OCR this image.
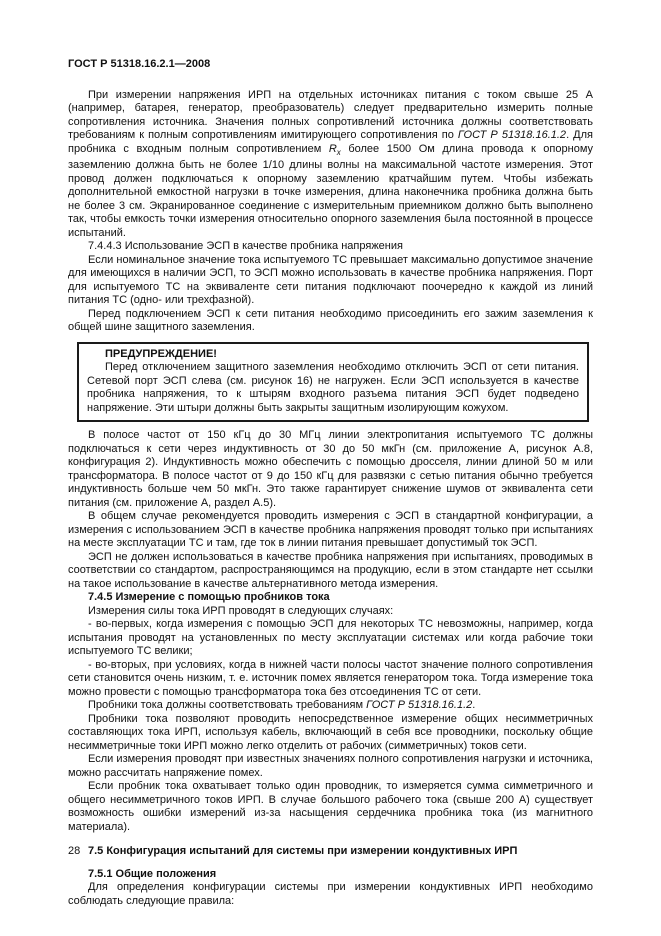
ГОСТ Р 51318.16.2.1—2008

При измерении напряжения ИРП на отдельных источниках питания с током свыше 25 А (например, батарея, генератор, преобразователь) следует предварительно измерить полные сопротивления источника. Значения полных сопротивлений источника должны соответствовать требованиям к полным сопротивлениям имитирующего сопротивления по ГОСТ Р 51318.16.1.2. Для пробника с входным полным сопротивлением $R_x$ более 1500 Ом длина провода к опорному заземлению должна быть не более 1/10 длины волны на максимальной частоте измерения. Этот провод должен подключаться к опорному заземлению кратчайшим путем. Чтобы избежать дополнительной емкостной нагрузки в точке измерения, длина наконечника пробника должна быть не более 3 см. Экранированное соединение с измерительным приемником должно быть выполнено так, чтобы емкость точки измерения относительно опорного заземления была постоянной в процессе испытаний.

7.4.4.3 Использование ЭСП в качестве пробника напряжения

Если номинальное значение тока испытуемого ТС превышает максимально допустимое значение для имеющихся в наличии ЭСП, то ЭСП можно использовать в качестве пробника напряжения. Порт для испытуемого ТС на эквиваленте сети питания подключают поочередно к каждой из линий питания ТС (одно- или трехфазной).

Перед подключением ЭСП к сети питания необходимо присоединить его зажим заземления к общей шине защитного заземления.

ПРЕДУПРЕЖДЕНИЕ!

Перед отключением защитного заземления необходимо отключить ЭСП от сети питания. Сетевой порт ЭСП слева (см. рисунок 16) не нагружен. Если ЭСП используется в качестве пробника напряжения, то к штырям входного разъема питания ЭСП будет подведено напряжение. Эти штыри должны быть закрыты защитным изолирующим кожухом.

В полосе частот от 150 кГц до 30 МГц линии электропитания испытуемого ТС должны подключаться к сети через индуктивность от 30 до 50 мкГн (см. приложение А, рисунок А.8, конфигурация 2). Индуктивность можно обеспечить с помощью дросселя, линии длиной 50 м или трансформатора. В полосе частот от 9 до 150 кГц для развязки с сетью питания обычно требуется индуктивность больше чем 50 мкГн. Это также гарантирует снижение шумов от эквивалента сети питания (см. приложение А, раздел А.5).

В общем случае рекомендуется проводить измерения с ЭСП в стандартной конфигурации, а измерения с использованием ЭСП в качестве пробника напряжения проводят только при испытаниях на месте эксплуатации ТС и там, где ток в линии питания превышает допустимый ток ЭСП.

ЭСП не должен использоваться в качестве пробника напряжения при испытаниях, проводимых в соответствии со стандартом, распространяющимся на продукцию, если в этом стандарте нет ссылки на такое использование в качестве альтернативного метода измерения.

7.4.5 Измерение с помощью пробников тока

Измерения силы тока ИРП проводят в следующих случаях:

- во-первых, когда измерения с помощью ЭСП для некоторых ТС невозможны, например, когда испытания проводят на установленных по месту эксплуатации системах или когда рабочие токи испытуемого ТС велики;

- во-вторых, при условиях, когда в нижней части полосы частот значение полного сопротивления сети становится очень низким, т. е. источник помех является генератором тока. Тогда измерение тока можно провести с помощью трансформатора тока без отсоединения ТС от сети.

Пробники тока должны соответствовать требованиям ГОСТ Р 51318.16.1.2.

Пробники тока позволяют проводить непосредственное измерение общих несимметричных составляющих тока ИРП, используя кабель, включающий в себя все проводники, поскольку общие несимметричные токи ИРП можно легко отделить от рабочих (симметричных) токов сети.

Если измерения проводят при известных значениях полного сопротивления нагрузки и источника, можно рассчитать напряжение помех.

Если пробник тока охватывает только один проводник, то измеряется сумма симметричного и общего несимметричного токов ИРП. В случае большого рабочего тока (свыше 200 А) существует возможность ошибки измерений из-за насыщения сердечника пробника тока (из магнитного материала).

7.5 Конфигурация испытаний для системы при измерении кондуктивных ИРП

7.5.1 Общие положения

Для определения конфигурации системы при измерении кондуктивных ИРП необходимо соблюдать следующие правила:

28
